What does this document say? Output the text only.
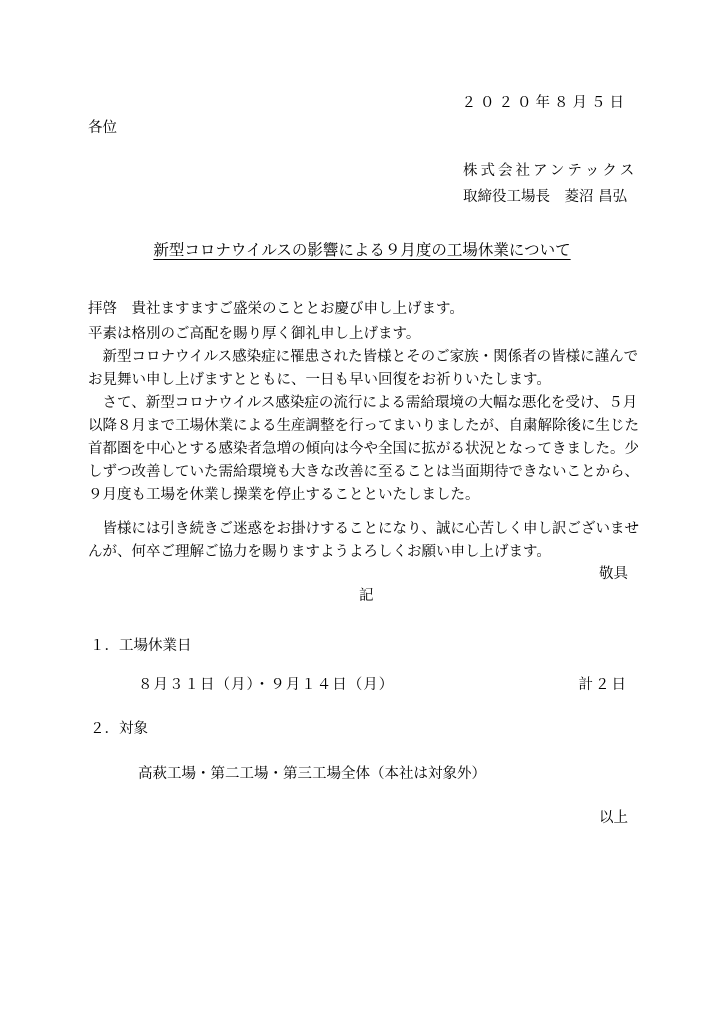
２０２０年８月５日
各位
株式会社アンテックス
取締役工場長　菱沼 昌弘
新型コロナウイルスの影響による９月度の工場休業について
拝啓　貴社ますますご盛栄のこととお慶び申し上げます。
平素は格別のご高配を賜り厚く御礼申し上げます。
　新型コロナウイルス感染症に罹患された皆様とそのご家族・関係者の皆様に謹んで
お見舞い申し上げますとともに、一日も早い回復をお祈りいたします。
　さて、新型コロナウイルス感染症の流行による需給環境の大幅な悪化を受け、５月
以降８月まで工場休業による生産調整を行ってまいりましたが、自粛解除後に生じた
首都圏を中心とする感染者急増の傾向は今や全国に拡がる状況となってきました。少
しずつ改善していた需給環境も大きな改善に至ることは当面期待できないことから、
９月度も工場を休業し操業を停止することといたしました。
　皆様には引き続きご迷惑をお掛けすることになり、誠に心苦しく申し訳ございませ
んが、何卒ご理解ご協力を賜りますようよろしくお願い申し上げます。
敬具
記
１．工場休業日
８月３１日（月）・９月１４日（月）	計２日
２．対象
高萩工場・第二工場・第三工場全体（本社は対象外）
以上
